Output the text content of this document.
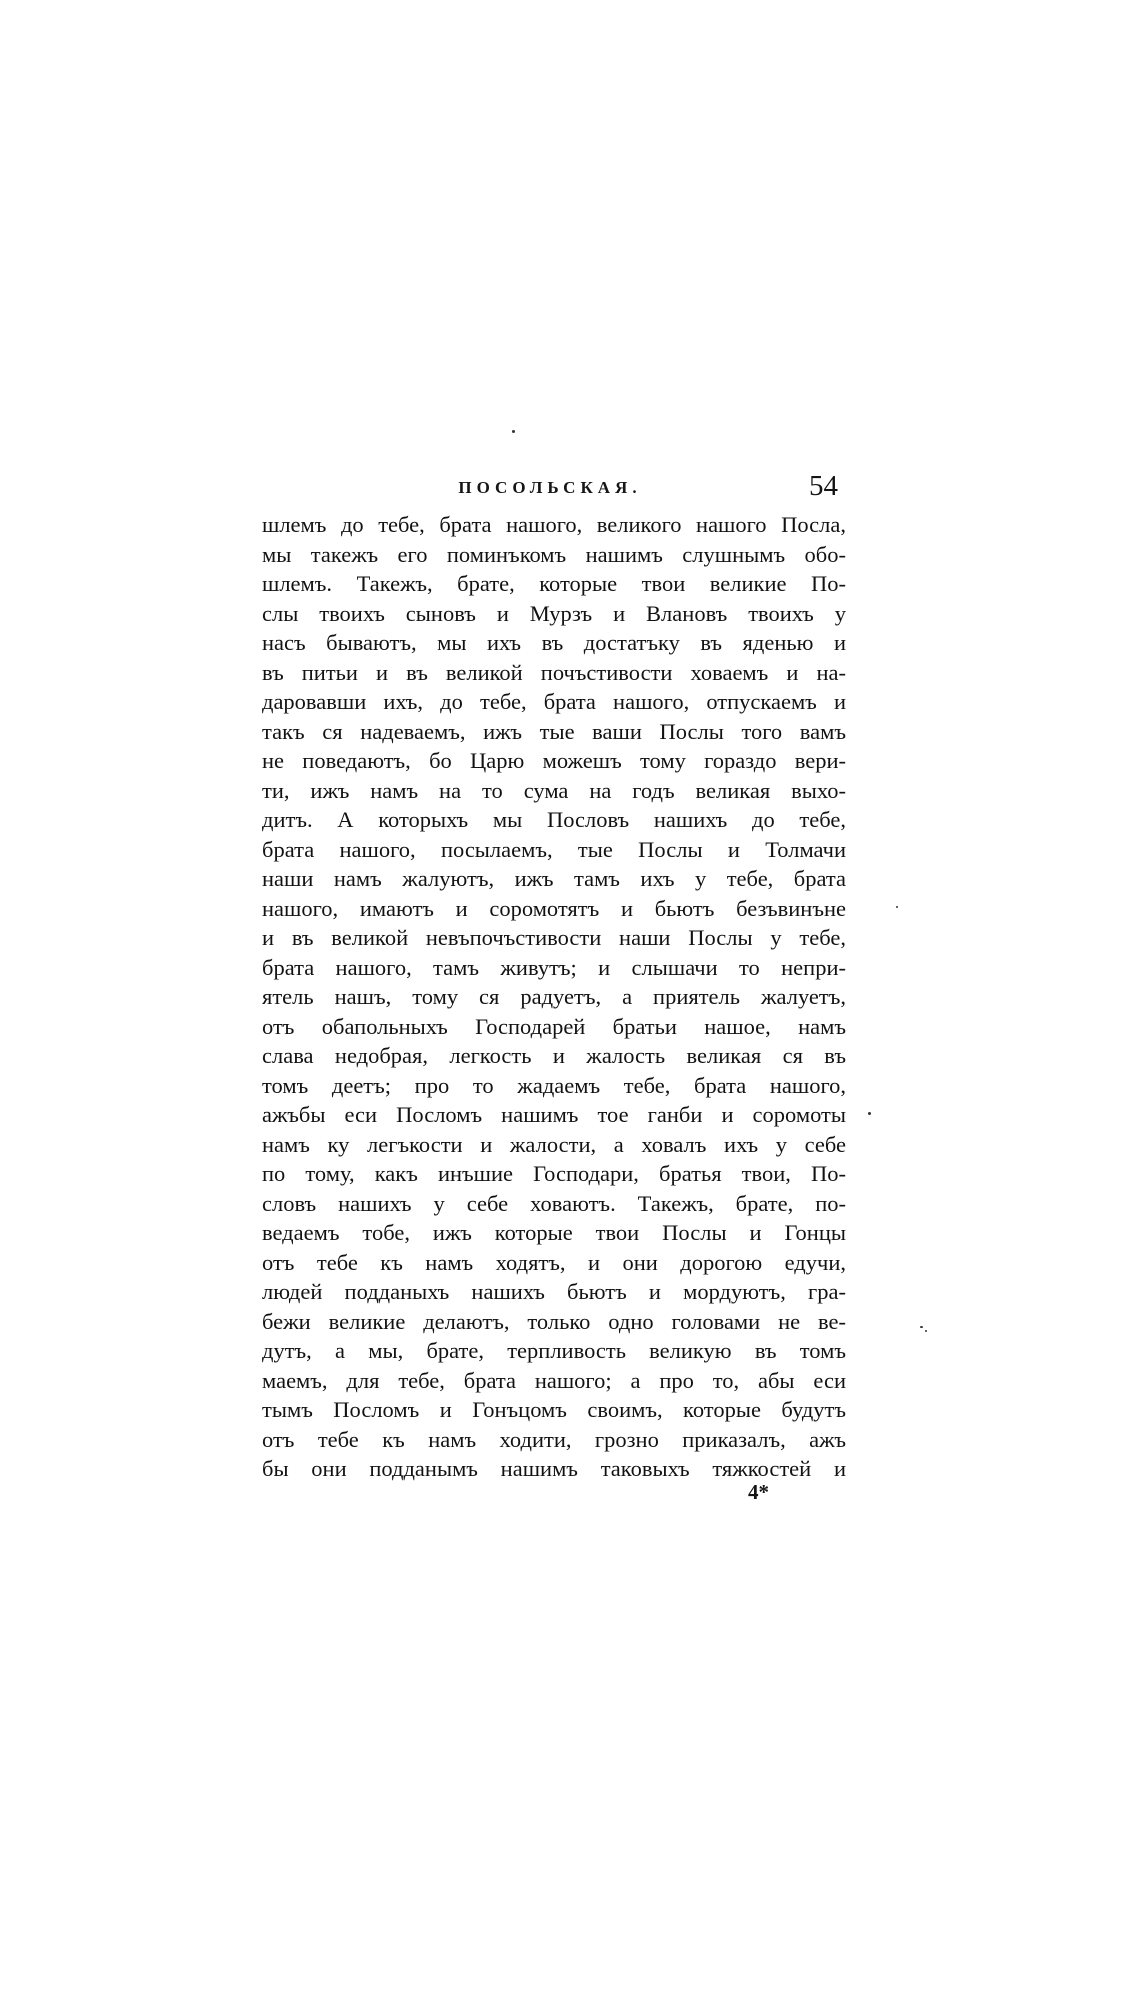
ПОСОЛЬСКАЯ.	54
шлемъ до тебе, брата нашого, великого нашого Посла,
мы такежъ его поминъкомъ нашимъ слушнымъ обо-
шлемъ. Такежъ, брате, которые твои великие По-
слы твоихъ сыновъ и Мурзъ и Влановъ твоихъ у
насъ бываютъ, мы ихъ въ достатъку въ яденью и
въ питьи и въ великой почъстивости ховаемъ и на-
даровавши ихъ, до тебе, брата нашого, отпускаемъ и
такъ ся надеваемъ, ижъ тые ваши Послы того вамъ
не поведаютъ, бо Царю можешъ тому гораздо вери-
ти, ижъ намъ на то сума на годъ великая выхо-
дитъ. А которыхъ мы Пословъ нашихъ до тебе,
брата нашого, посылаемъ, тые Послы и Толмачи
наши намъ жалуютъ, ижъ тамъ ихъ у тебе, брата
нашого, имаютъ и соромотятъ и бьютъ безъвинъне
и въ великой невъпочъстивости наши Послы у тебе,
брата нашого, тамъ живутъ; и слышачи то непри-
ятель нашъ, тому ся радуетъ, а приятель жалуетъ,
отъ обапольныхъ Господарей братьи нашое, намъ
слава недобрая, легкость и жалость великая ся въ
томъ деетъ; про то жадаемъ тебе, брата нашого,
ажъбы еси Посломъ нашимъ тое ганби и соромоты
намъ ку легъкости и жалости, а ховалъ ихъ у себе
по тому, какъ инъшие Господари, братья твои, По-
словъ нашихъ у себе ховаютъ. Такежъ, брате, по-
ведаемъ тобе, ижъ которые твои Послы и Гонцы
отъ тебе къ намъ ходятъ, и они дорогою едучи,
людей подданыхъ нашихъ бьютъ и мордуютъ, гра-
бежи великие делаютъ, только одно головами не ве-
дутъ, а мы, брате, терпливость великую въ томъ
маемъ, для тебе, брата нашого; а про то, абы еси
тымъ Посломъ и Гонъцомъ своимъ, которые будутъ
отъ тебе къ намъ ходити, грозно приказалъ, ажъ
бы они подданымъ нашимъ таковыхъ тяжкостей и
4*
